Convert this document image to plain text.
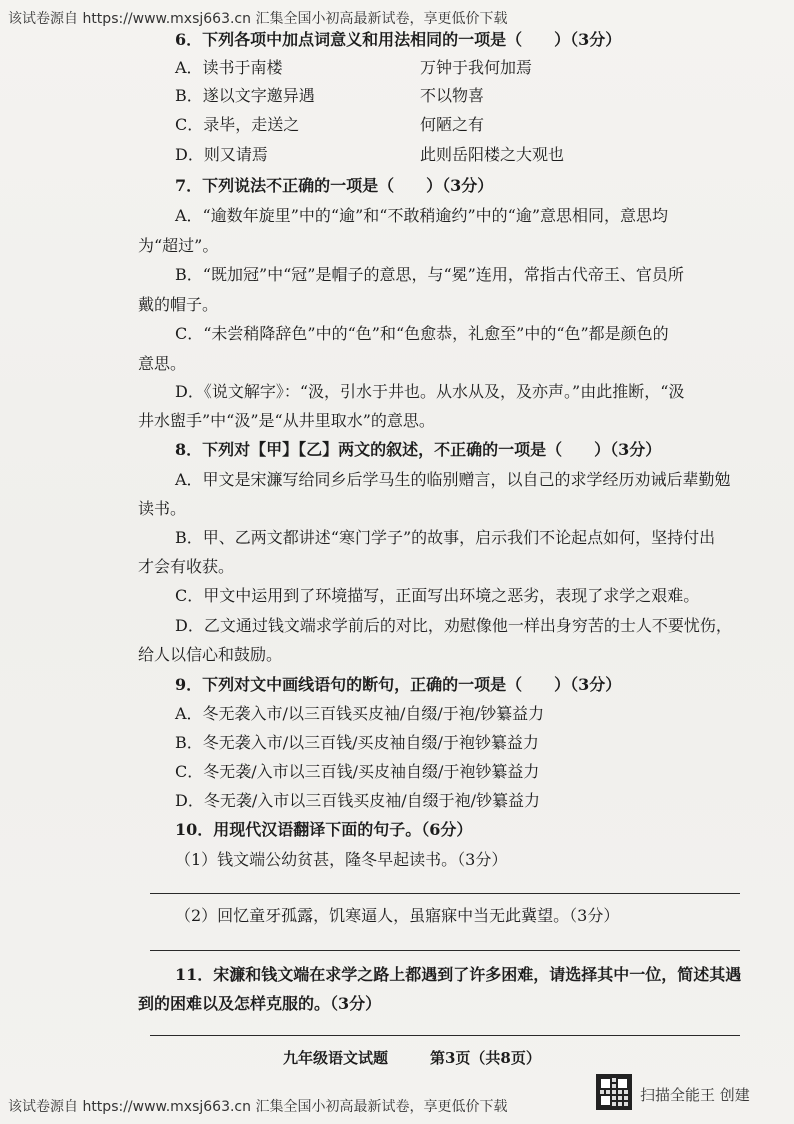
该试卷源自 https://www.mxsj663.cn 汇集全国小初高最新试卷，享更低价下载
6．下列各项中加点词意义和用法相同的一项是（　　）（3分）
A．读书于南楼	万钟于我何加焉
B．遂以文字邀异遇	不以物喜
C．录毕，走送之	何陋之有
D．则又请焉	此则岳阳楼之大观也
7．下列说法不正确的一项是（　　）（3分）
A．“逾数年旋里”中的“逾”和“不敢稍逾约”中的“逾”意思相同，意思均
为“超过”。
B．“既加冠”中“冠”是帽子的意思，与“冕”连用，常指古代帝王、官员所
戴的帽子。
C．“未尝稍降辞色”中的“色”和“色愈恭，礼愈至”中的“色”都是颜色的
意思。
D．《说文解字》：“汲，引水于井也。从水从及，及亦声。”由此推断，“汲
井水盥手”中“汲”是“从井里取水”的意思。
8．下列对【甲】【乙】两文的叙述，不正确的一项是（　　）（3分）
A．甲文是宋濂写给同乡后学马生的临别赠言，以自己的求学经历劝诫后辈勤勉
读书。
B．甲、乙两文都讲述“寒门学子”的故事，启示我们不论起点如何，坚持付出
才会有收获。
C．甲文中运用到了环境描写，正面写出环境之恶劣，表现了求学之艰难。
D．乙文通过钱文端求学前后的对比，劝慰像他一样出身穷苦的士人不要忧伤，
给人以信心和鼓励。
9．下列对文中画线语句的断句，正确的一项是（　　）（3分）
A．冬无袭入市/以三百钱买皮袖/自缀/于袍/钞纂益力
B．冬无袭入市/以三百钱/买皮袖自缀/于袍钞纂益力
C．冬无袭/入市以三百钱/买皮袖自缀/于袍钞纂益力
D．冬无袭/入市以三百钱买皮袖/自缀于袍/钞纂益力
10．用现代汉语翻译下面的句子。（6分）
（1）钱文端公幼贫甚，隆冬早起读书。（3分）
（2）回忆童牙孤露，饥寒逼人，虽寤寐中当无此冀望。（3分）
11．宋濂和钱文端在求学之路上都遇到了许多困难，请选择其中一位，简述其遇
到的困难以及怎样克服的。（3分）
九年级语文试题	第3页（共8页）
该试卷源自 https://www.mxsj663.cn 汇集全国小初高最新试卷，享更低价下载
扫描全能王 创建
